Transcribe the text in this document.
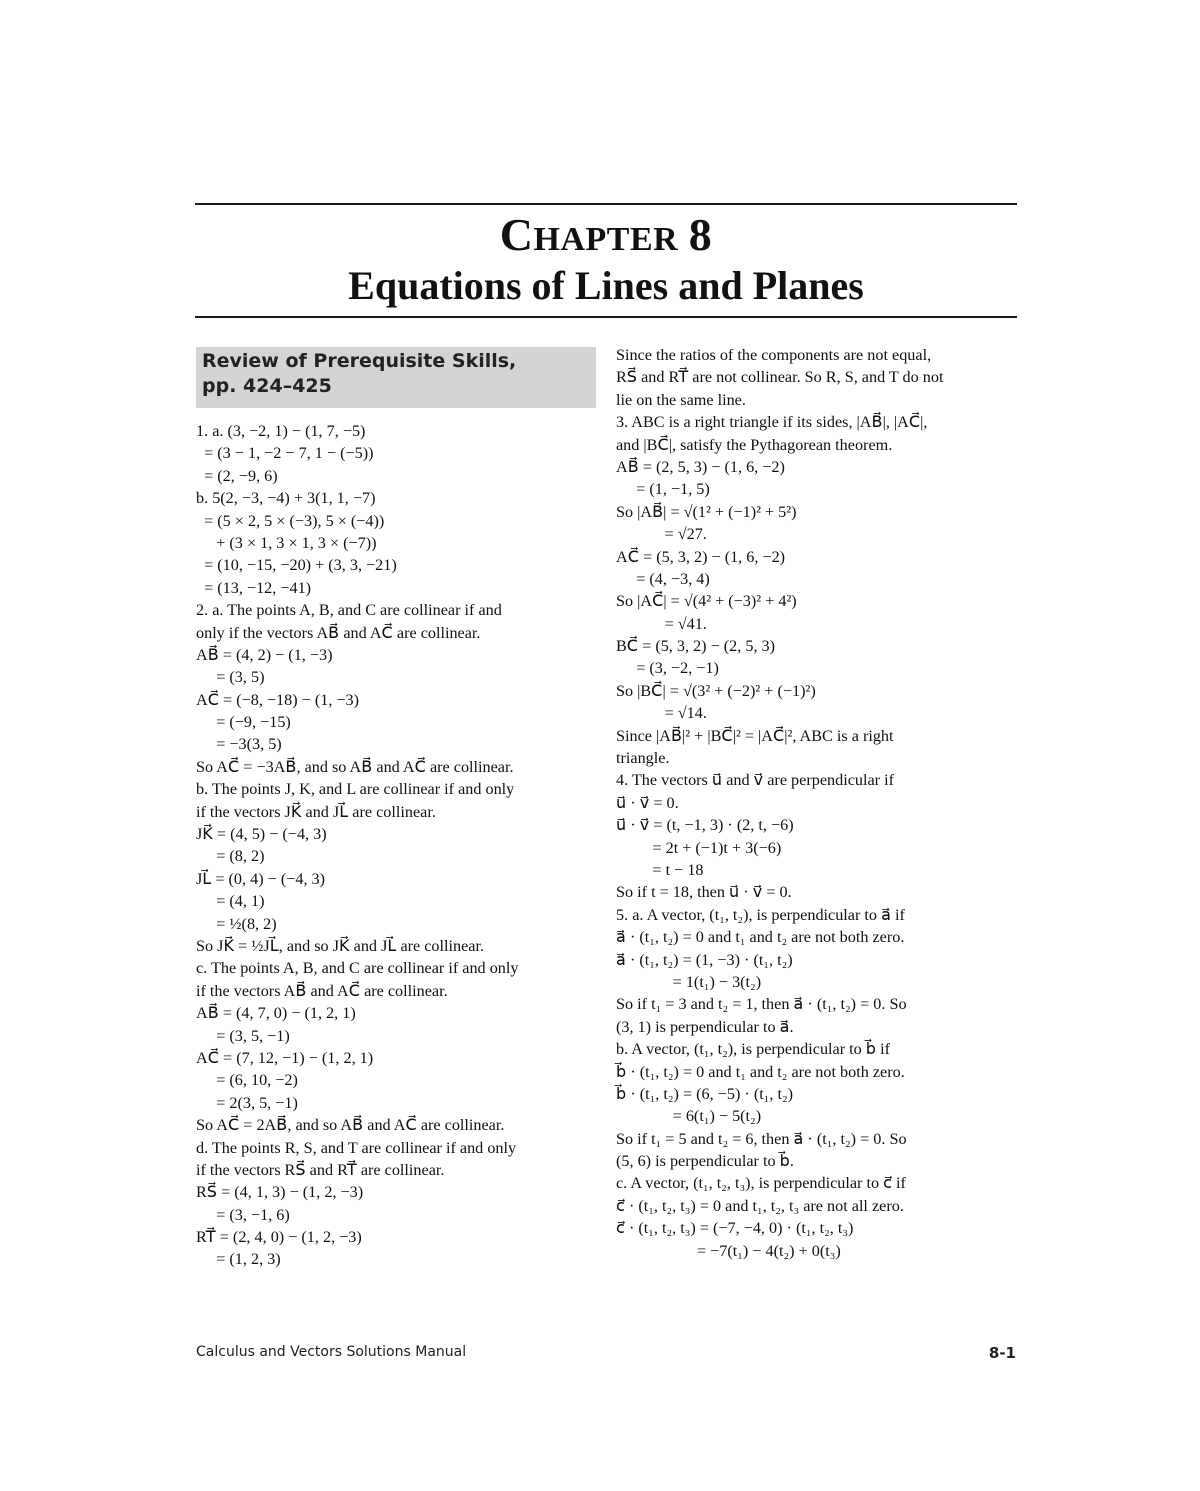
CHAPTER 8
Equations of Lines and Planes
Review of Prerequisite Skills,
pp. 424–425
1. a. (3, −2, 1) − (1, 7, −5)
= (3 − 1, −2 − 7, 1 − (−5))
= (2, −9, 6)
b. 5(2, −3, −4) + 3(1, 1, −7)
= (5 × 2, 5 × (−3), 5 × (−4))
+ (3 × 1, 3 × 1, 3 × (−7))
= (10, −15, −20) + (3, 3, −21)
= (13, −12, −41)
2. a. The points A, B, and C are collinear if and
only if the vectors AB⃗ and AC⃗ are collinear.
AB⃗ = (4, 2) − (1, −3)
= (3, 5)
AC⃗ = (−8, −18) − (1, −3)
= (−9, −15)
= −3(3, 5)
So AC⃗ = −3AB⃗, and so AB⃗ and AC⃗ are collinear.
b. The points J, K, and L are collinear if and only
if the vectors JK⃗ and JL⃗ are collinear.
JK⃗ = (4, 5) − (−4, 3)
= (8, 2)
JL⃗ = (0, 4) − (−4, 3)
= (4, 1)
= ½(8, 2)
So JK⃗ = ½JL⃗, and so JK⃗ and JL⃗ are collinear.
c. The points A, B, and C are collinear if and only
if the vectors AB⃗ and AC⃗ are collinear.
AB⃗ = (4, 7, 0) − (1, 2, 1)
= (3, 5, −1)
AC⃗ = (7, 12, −1) − (1, 2, 1)
= (6, 10, −2)
= 2(3, 5, −1)
So AC⃗ = 2AB⃗, and so AB⃗ and AC⃗ are collinear.
d. The points R, S, and T are collinear if and only
if the vectors RS⃗ and RT⃗ are collinear.
RS⃗ = (4, 1, 3) − (1, 2, −3)
= (3, −1, 6)
RT⃗ = (2, 4, 0) − (1, 2, −3)
= (1, 2, 3)
Since the ratios of the components are not equal,
RS⃗ and RT⃗ are not collinear. So R, S, and T do not
lie on the same line.
3. ABC is a right triangle if its sides, |AB⃗|, |AC⃗|,
and |BC⃗|, satisfy the Pythagorean theorem.
AB⃗ = (2, 5, 3) − (1, 6, −2)
= (1, −1, 5)
So |AB⃗| = √(1² + (−1)² + 5²)
= √27.
AC⃗ = (5, 3, 2) − (1, 6, −2)
= (4, −3, 4)
So |AC⃗| = √(4² + (−3)² + 4²)
= √41.
BC⃗ = (5, 3, 2) − (2, 5, 3)
= (3, −2, −1)
So |BC⃗| = √(3² + (−2)² + (−1)²)
= √14.
Since |AB⃗|² + |BC⃗|² = |AC⃗|², ABC is a right
triangle.
4. The vectors u⃗ and v⃗ are perpendicular if
u⃗ · v⃗ = 0.
u⃗ · v⃗ = (t, −1, 3) · (2, t, −6)
= 2t + (−1)t + 3(−6)
= t − 18
So if t = 18, then u⃗ · v⃗ = 0.
5. a. A vector, (t₁, t₂), is perpendicular to a⃗ if
a⃗ · (t₁, t₂) = 0 and t₁ and t₂ are not both zero.
a⃗ · (t₁, t₂) = (1, −3) · (t₁, t₂)
= 1(t₁) − 3(t₂)
So if t₁ = 3 and t₂ = 1, then a⃗ · (t₁, t₂) = 0. So
(3, 1) is perpendicular to a⃗.
b. A vector, (t₁, t₂), is perpendicular to b⃗ if
b⃗ · (t₁, t₂) = 0 and t₁ and t₂ are not both zero.
b⃗ · (t₁, t₂) = (6, −5) · (t₁, t₂)
= 6(t₁) − 5(t₂)
So if t₁ = 5 and t₂ = 6, then a⃗ · (t₁, t₂) = 0. So
(5, 6) is perpendicular to b⃗.
c. A vector, (t₁, t₂, t₃), is perpendicular to c⃗ if
c⃗ · (t₁, t₂, t₃) = 0 and t₁, t₂, t₃ are not all zero.
c⃗ · (t₁, t₂, t₃) = (−7, −4, 0) · (t₁, t₂, t₃)
= −7(t₁) − 4(t₂) + 0(t₃)
Calculus and Vectors Solutions Manual	8-1
